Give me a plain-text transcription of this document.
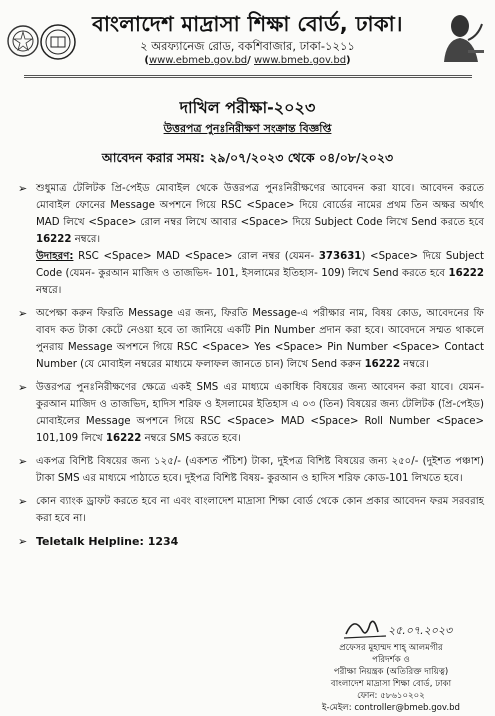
বাংলাদেশ মাদ্রাসা শিক্ষা বোর্ড, ঢাকা।
২ অরফ্যানেজ রোড, বকশিবাজার, ঢাকা-১২১১
(www.ebmeb.gov.bd/ www.bmeb.gov.bd)
দাখিল পরীক্ষা-২০২৩
উত্তরপত্র পুনঃনিরীক্ষণ সংক্রান্ত বিজ্ঞপ্তি
আবেদন করার সময়: ২৯/০৭/২০২৩ থেকে ০৪/০৮/২০২৩
➢ শুধুমাত্র টেলিটক প্রি-পেইড মোবাইল থেকে উত্তরপত্র পুনঃনিরীক্ষণের আবেদন করা যাবে। আবেদন করতে মোবাইল ফোনের Message অপশনে গিয়ে RSC <Space> দিয়ে বোর্ডের নামের প্রথম তিন অক্ষর অর্থাৎ MAD লিখে <Space> রোল নম্বর লিখে আবার <Space> দিয়ে Subject Code লিখে Send করতে হবে 16222 নম্বরে।
উদাহরণ: RSC <Space> MAD <Space> রোল নম্বর (যেমন- 373631) <Space> দিয়ে Subject Code (যেমন- কুরআন মাজিদ ও তাজভিদ- 101, ইসলামের ইতিহাস- 109) লিখে Send করতে হবে 16222 নম্বরে।
➢ অপেক্ষা করুন ফিরতি Message এর জন্য, ফিরতি Message-এ পরীক্ষার নাম, বিষয় কোড, আবেদনের ফি বাবদ কত টাকা কেটে নেওয়া হবে তা জানিয়ে একটি Pin Number প্রদান করা হবে। আবেদনে সম্মত থাকলে পুনরায় Message অপশনে গিয়ে RSC <Space> Yes <Space> Pin Number <Space> Contact Number (যে মোবাইল নম্বরের মাধ্যমে ফলাফল জানতে চান) লিখে Send করুন 16222 নম্বরে।
➢ উত্তরপত্র পুনঃনিরীক্ষণের ক্ষেত্রে একই SMS এর মাধ্যমে একাধিক বিষয়ের জন্য আবেদন করা যাবে। যেমন- কুরআন মাজিদ ও তাজভিদ, হাদিস শরিফ ও ইসলামের ইতিহাস এ ০৩ (তিন) বিষয়ের জন্য টেলিটক (প্রি-পেইড) মোবাইলের Message অপশনে গিয়ে RSC <Space> MAD <Space> Roll Number <Space> 101,109 লিখে 16222 নম্বরে SMS করতে হবে।
➢ একপত্র বিশিষ্ট বিষয়ের জন্য ১২৫/- (একশত পঁচিশ) টাকা, দুইপত্র বিশিষ্ট বিষয়ের জন্য ২৫০/- (দুইশত পঞ্চাশ) টাকা SMS এর মাধ্যমে পাঠাতে হবে। দুইপত্র বিশিষ্ট বিষয়- কুরআন ও হাদিস শরিফ কোড-101 লিখতে হবে।
➢ কোন ব্যাংক ড্রাফট করতে হবে না এবং বাংলাদেশ মাদ্রাসা শিক্ষা বোর্ড থেকে কোন প্রকার আবেদন ফরম সরবরাহ করা হবে না।
➢ Teletalk Helpline: 1234
২৫.০৭.২০২৩
প্রফেসর মুহাম্মদ শাহ্‌ আলমগীর
পরিদর্শক ও
পরীক্ষা নিয়ন্ত্রক (অতিরিক্ত দায়িত্ব)
বাংলাদেশ মাদ্রাসা শিক্ষা বোর্ড, ঢাকা
ফোন: ৫৮৬১০২০২
ই-মেইল: controller@bmeb.gov.bd
